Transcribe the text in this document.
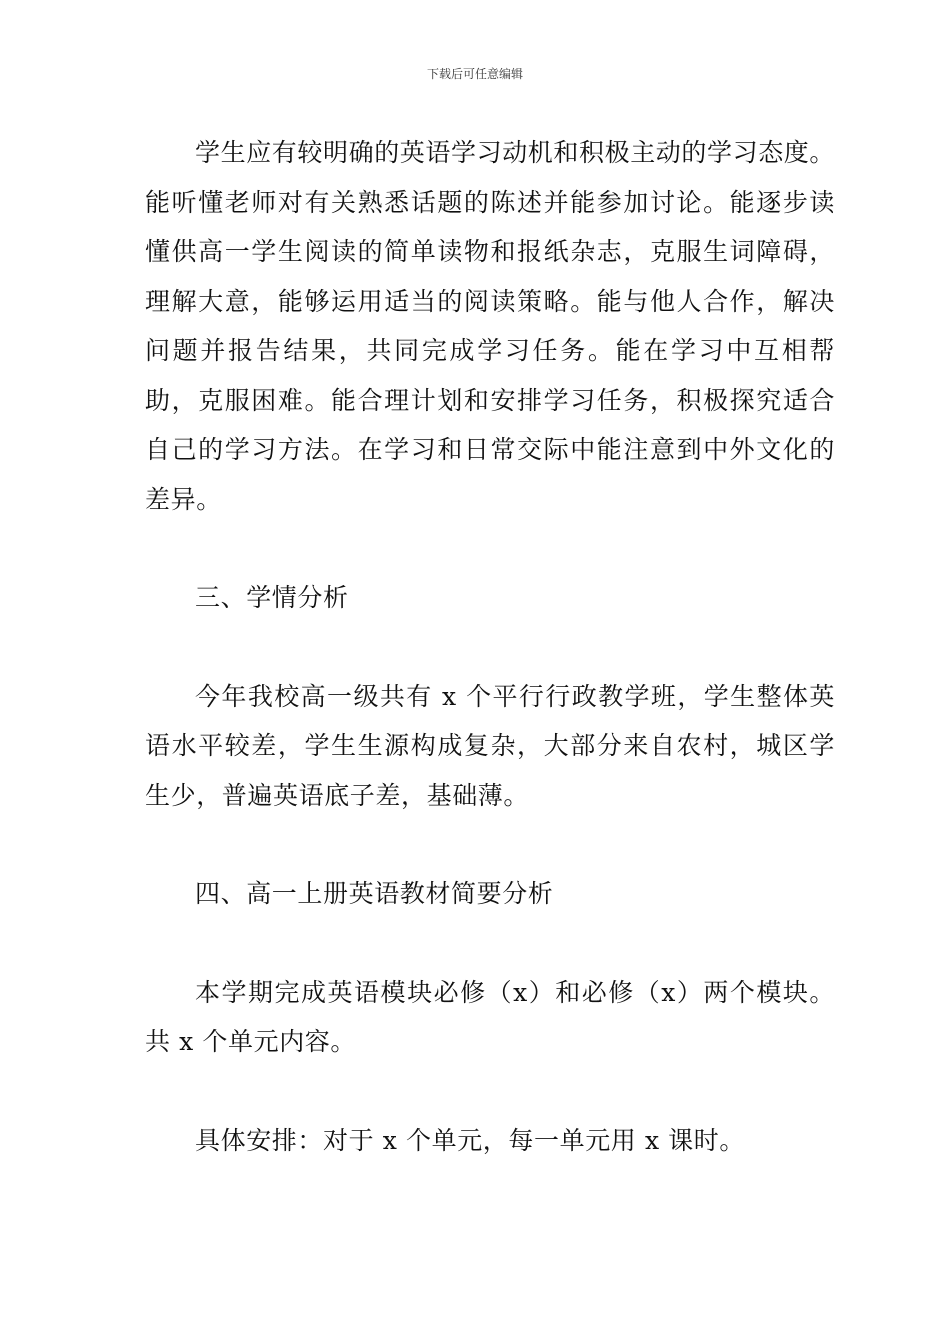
下载后可任意编辑

学生应有较明确的英语学习动机和积极主动的学习态度。能听懂老师对有关熟悉话题的陈述并能参加讨论。能逐步读懂供高一学生阅读的简单读物和报纸杂志，克服生词障碍，理解大意，能够运用适当的阅读策略。能与他人合作，解决问题并报告结果，共同完成学习任务。能在学习中互相帮助，克服困难。能合理计划和安排学习任务，积极探究适合自己的学习方法。在学习和日常交际中能注意到中外文化的差异。

三、学情分析

今年我校高一级共有 x 个平行行政教学班，学生整体英语水平较差，学生生源构成复杂，大部分来自农村，城区学生少，普遍英语底子差，基础薄。

四、高一上册英语教材简要分析

本学期完成英语模块必修（x）和必修（x）两个模块。共 x 个单元内容。

具体安排：对于 x 个单元，每一单元用 x 课时。
